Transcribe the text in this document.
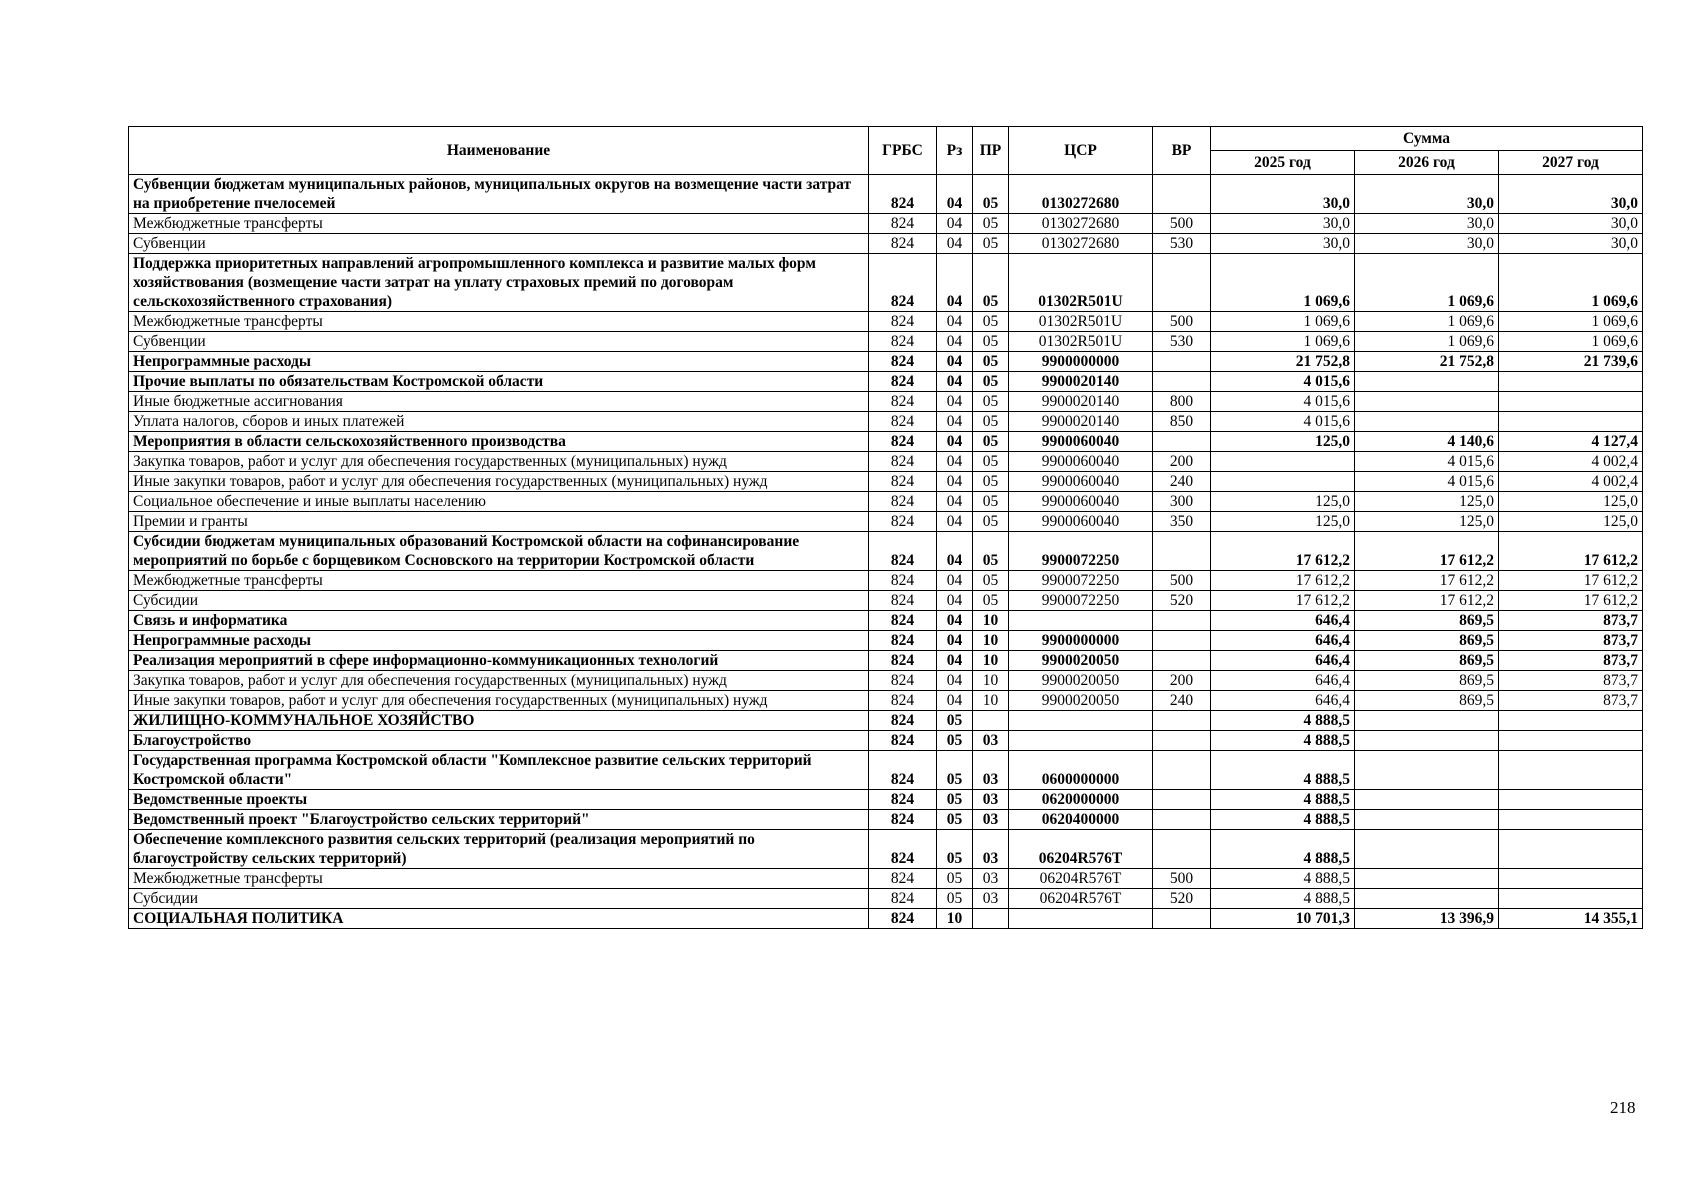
Наименование	ГРБС	Рз	ПР	ЦСР	ВР	Сумма		
						2025 год	2026 год	2027 год
Субвенции бюджетам муниципальных районов, муниципальных округов на возмещение части затрат на приобретение пчелосемей	824	04	05	0130272680		30,0	30,0	30,0
Межбюджетные трансферты	824	04	05	0130272680	500	30,0	30,0	30,0
Субвенции	824	04	05	0130272680	530	30,0	30,0	30,0
Поддержка приоритетных направлений агропромышленного комплекса и развитие малых форм хозяйствования (возмещение части затрат на уплату страховых премий по договорам сельскохозяйственного страхования)	824	04	05	01302R501U		1 069,6	1 069,6	1 069,6
Межбюджетные трансферты	824	04	05	01302R501U	500	1 069,6	1 069,6	1 069,6
Субвенции	824	04	05	01302R501U	530	1 069,6	1 069,6	1 069,6
Непрограммные расходы	824	04	05	9900000000		21 752,8	21 752,8	21 739,6
Прочие выплаты по обязательствам Костромской области	824	04	05	9900020140		4 015,6		
Иные бюджетные ассигнования	824	04	05	9900020140	800	4 015,6		
Уплата налогов, сборов и иных платежей	824	04	05	9900020140	850	4 015,6		
Мероприятия в области сельскохозяйственного производства	824	04	05	9900060040		125,0	4 140,6	4 127,4
Закупка товаров, работ и услуг для обеспечения государственных (муниципальных) нужд	824	04	05	9900060040	200		4 015,6	4 002,4
Иные закупки товаров, работ и услуг для обеспечения государственных (муниципальных) нужд	824	04	05	9900060040	240		4 015,6	4 002,4
Социальное обеспечение и иные выплаты населению	824	04	05	9900060040	300	125,0	125,0	125,0
Премии и гранты	824	04	05	9900060040	350	125,0	125,0	125,0
Субсидии бюджетам муниципальных образований Костромской области на софинансирование мероприятий по борьбе с борщевиком Сосновского на территории Костромской области	824	04	05	9900072250		17 612,2	17 612,2	17 612,2
Межбюджетные трансферты	824	04	05	9900072250	500	17 612,2	17 612,2	17 612,2
Субсидии	824	04	05	9900072250	520	17 612,2	17 612,2	17 612,2
Связь и информатика	824	04	10			646,4	869,5	873,7
Непрограммные расходы	824	04	10	9900000000		646,4	869,5	873,7
Реализация мероприятий в сфере информационно-коммуникационных технологий	824	04	10	9900020050		646,4	869,5	873,7
Закупка товаров, работ и услуг для обеспечения государственных (муниципальных) нужд	824	04	10	9900020050	200	646,4	869,5	873,7
Иные закупки товаров, работ и услуг для обеспечения государственных (муниципальных) нужд	824	04	10	9900020050	240	646,4	869,5	873,7
ЖИЛИЩНО-КОММУНАЛЬНОЕ ХОЗЯЙСТВО	824	05				4 888,5		
Благоустройство	824	05	03			4 888,5		
Государственная программа Костромской области "Комплексное развитие сельских территорий Костромской области"	824	05	03	0600000000		4 888,5		
Ведомственные проекты	824	05	03	0620000000		4 888,5		
Ведомственный проект "Благоустройство сельских территорий"	824	05	03	0620400000		4 888,5		
Обеспечение комплексного развития сельских территорий (реализация мероприятий по благоустройству сельских территорий)	824	05	03	06204R576T		4 888,5		
Межбюджетные трансферты	824	05	03	06204R576T	500	4 888,5		
Субсидии	824	05	03	06204R576T	520	4 888,5		
СОЦИАЛЬНАЯ ПОЛИТИКА	824	10				10 701,3	13 396,9	14 355,1
218
